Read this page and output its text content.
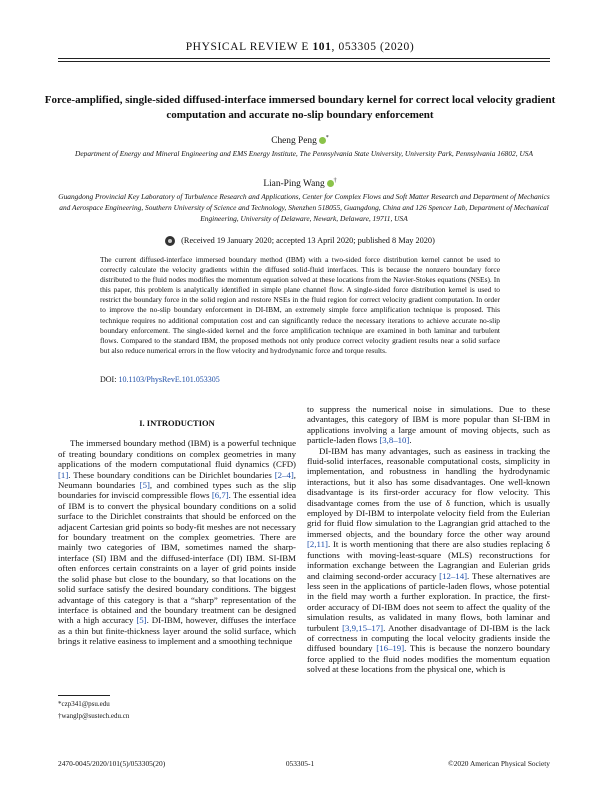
PHYSICAL REVIEW E 101, 053305 (2020)
Force-amplified, single-sided diffused-interface immersed boundary kernel for correct local velocity gradient computation and accurate no-slip boundary enforcement
Cheng Peng *
Department of Energy and Mineral Engineering and EMS Energy Institute, The Pennsylvania State University, University Park, Pennsylvania 16802, USA
Lian-Ping Wang †
Guangdong Provincial Key Laboratory of Turbulence Research and Applications, Center for Complex Flows and Soft Matter Research and Department of Mechanics and Aerospace Engineering, Southern University of Science and Technology, Shenzhen 518055, Guangdong, China and 126 Spencer Lab, Department of Mechanical Engineering, University of Delaware, Newark, Delaware, 19711, USA
(Received 19 January 2020; accepted 13 April 2020; published 8 May 2020)
The current diffused-interface immersed boundary method (IBM) with a two-sided force distribution kernel cannot be used to correctly calculate the velocity gradients within the diffused solid-fluid interfaces. This is because the nonzero boundary force distributed to the fluid nodes modifies the momentum equation solved at these locations from the Navier-Stokes equations (NSEs). In this paper, this problem is analytically identified in simple plane channel flow. A single-sided force distribution kernel is used to restrict the boundary force in the solid region and restore NSEs in the fluid region for correct velocity gradient computation. In order to improve the no-slip boundary enforcement in DI-IBM, an extremely simple force amplification technique is proposed. This technique requires no additional computation cost and can significantly reduce the necessary iterations to achieve accurate no-slip boundary enforcement. The single-sided kernel and the force amplification technique are examined in both laminar and turbulent flows. Compared to the standard IBM, the proposed methods not only produce correct velocity gradient results near a solid surface but also reduce numerical errors in the flow velocity and hydrodynamic force and torque results.
DOI: 10.1103/PhysRevE.101.053305

I. INTRODUCTION

The immersed boundary method (IBM) is a powerful technique of treating boundary conditions on complex geometries in many applications of the modern computational fluid dynamics (CFD) [1]. These boundary conditions can be Dirichlet boundaries [2–4], Neumann boundaries [5], and combined types such as the slip boundaries for inviscid compressible flows [6,7]. The essential idea of IBM is to convert the physical boundary conditions on a solid surface to the Dirichlet constraints that should be enforced on the adjacent Cartesian grid points so body-fit meshes are not necessary for boundary treatment on the complex geometries. There are mainly two categories of IBM, sometimes named the sharp-interface (SI) IBM and the diffused-interface (DI) IBM. SI-IBM often enforces certain constraints on a layer of grid points inside the solid phase but close to the boundary, so that locations on the solid surface satisfy the desired boundary conditions. The biggest advantage of this category is that a “sharp” representation of the interface is obtained and the boundary treatment can be designed with a high accuracy [5]. DI-IBM, however, diffuses the interface as a thin but finite-thickness layer around the solid surface, which brings it relative easiness to implement and a smoothing technique

to suppress the numerical noise in simulations. Due to these advantages, this category of IBM is more popular than SI-IBM in applications involving a large amount of moving objects, such as particle-laden flows [3,8–10].

DI-IBM has many advantages, such as easiness in tracking the fluid-solid interfaces, reasonable computational costs, simplicity in implementation, and robustness in handling the hydrodynamic interactions, but it also has some disadvantages. One well-known disadvantage is its first-order accuracy for flow velocity. This disadvantage comes from the use of δ function, which is usually employed by DI-IBM to interpolate velocity field from the Eulerian grid for fluid flow simulation to the Lagrangian grid attached to the immersed objects, and the boundary force the other way around [2,11]. It is worth mentioning that there are also studies replacing δ functions with moving-least-square (MLS) reconstructions for information exchange between the Lagrangian and Eulerian grids and claiming second-order accuracy [12–14]. These alternatives are less seen in the applications of particle-laden flows, whose potential in the field may worth a further exploration. In practice, the first-order accuracy of DI-IBM does not seem to affect the quality of the simulation results, as validated in many flows, both laminar and turbulent [3,9,15–17]. Another disadvantage of DI-IBM is the lack of correctness in computing the local velocity gradients inside the diffused boundary [16–19]. This is because the nonzero boundary force applied to the fluid nodes modifies the momentum equation solved at these locations from the physical one, which is

*czp341@psu.edu
†wanglp@sustech.edu.cn
2470-0045/2020/101(5)/053305(20)	053305-1	©2020 American Physical Society
